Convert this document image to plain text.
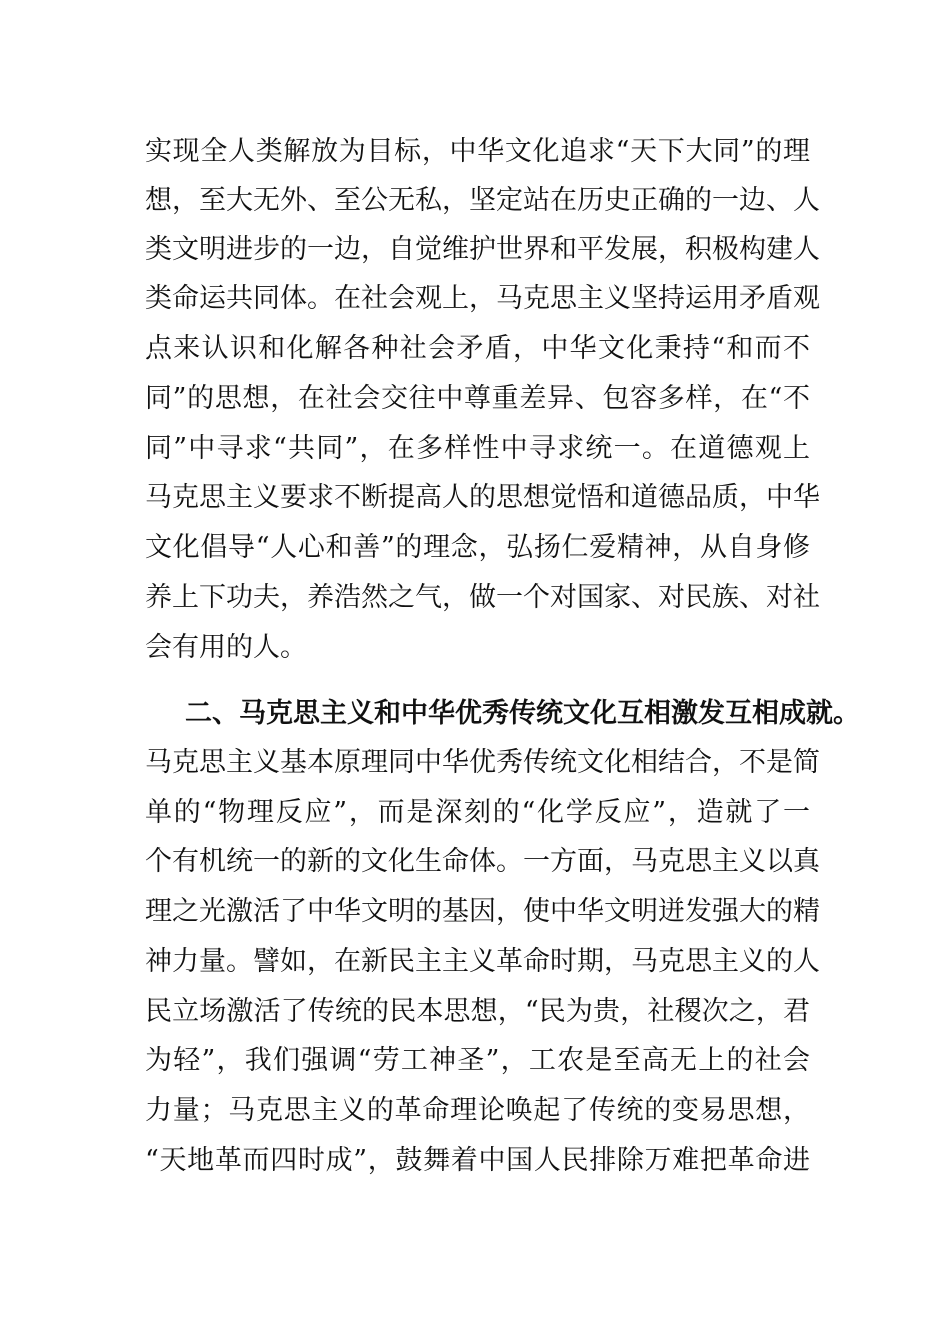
实现全人类解放为目标，中华文化追求“天下大同”的理
想，至大无外、至公无私，坚定站在历史正确的一边、人
类文明进步的一边，自觉维护世界和平发展，积极构建人
类命运共同体。在社会观上，马克思主义坚持运用矛盾观
点来认识和化解各种社会矛盾，中华文化秉持“和而不
同”的思想，在社会交往中尊重差异、包容多样，在“不
同”中寻求“共同”，在多样性中寻求统一。在道德观上
马克思主义要求不断提高人的思想觉悟和道德品质，中华
文化倡导“人心和善”的理念，弘扬仁爱精神，从自身修
养上下功夫，养浩然之气，做一个对国家、对民族、对社
会有用的人。
二、马克思主义和中华优秀传统文化互相激发互相成就。
马克思主义基本原理同中华优秀传统文化相结合，不是简
单的“物理反应”，而是深刻的“化学反应”，造就了一
个有机统一的新的文化生命体。一方面，马克思主义以真
理之光激活了中华文明的基因，使中华文明迸发强大的精
神力量。譬如，在新民主主义革命时期，马克思主义的人
民立场激活了传统的民本思想，“民为贵，社稷次之，君
为轻”，我们强调“劳工神圣”，工农是至高无上的社会
力量；马克思主义的革命理论唤起了传统的变易思想，
“天地革而四时成”，鼓舞着中国人民排除万难把革命进
